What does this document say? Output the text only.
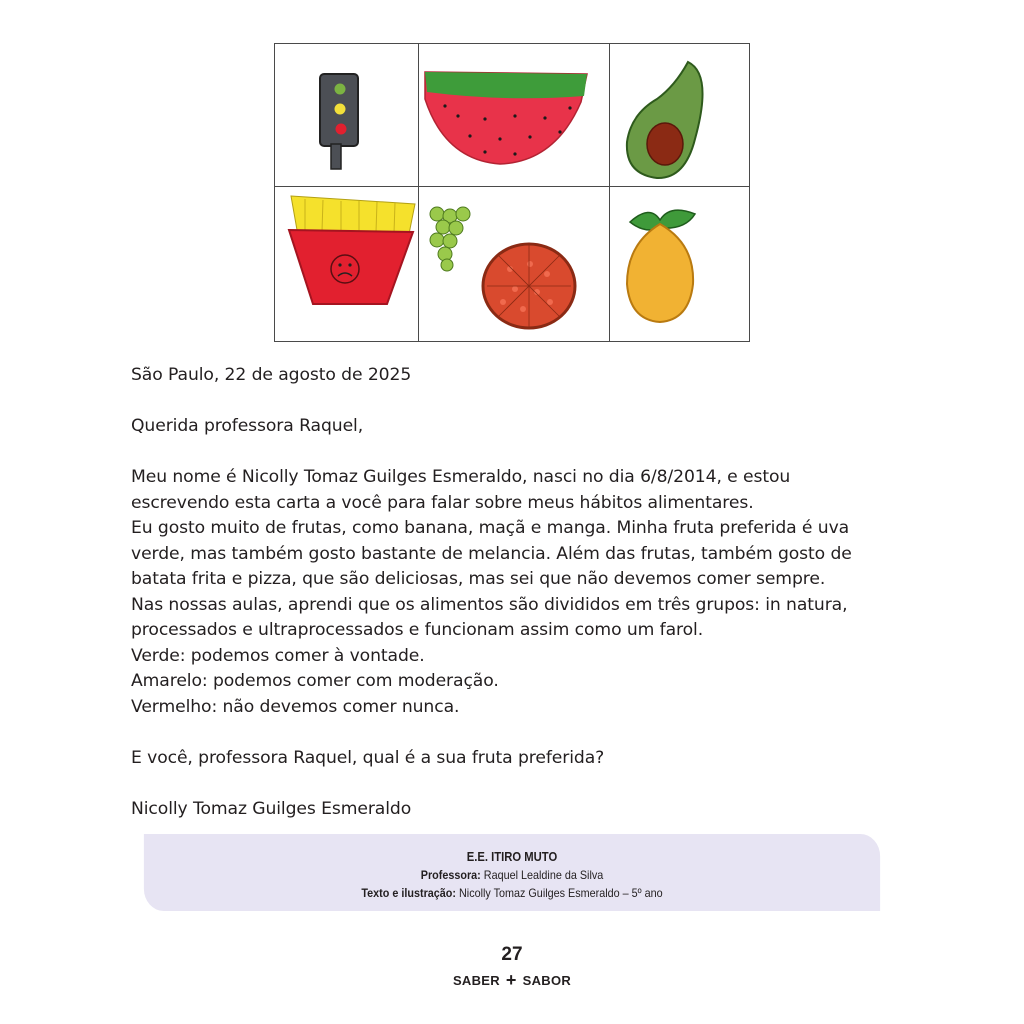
São Paulo, 22 de agosto de 2025

Querida professora Raquel,

Meu nome é Nicolly Tomaz Guilges Esmeraldo, nasci no dia 6/8/2014, e estou

escrevendo esta carta a você para falar sobre meus hábitos alimentares.

Eu gosto muito de frutas, como banana, maçã e manga. Minha fruta preferida é uva

verde, mas também gosto bastante de melancia. Além das frutas, também gosto de

batata frita e pizza, que são deliciosas, mas sei que não devemos comer sempre.

Nas nossas aulas, aprendi que os alimentos são divididos em três grupos: in natura,

processados e ultraprocessados e funcionam assim como um farol.

Verde: podemos comer à vontade.

Amarelo: podemos comer com moderação.

Vermelho: não devemos comer nunca.

E você, professora Raquel, qual é a sua fruta preferida?

Nicolly Tomaz Guilges Esmeraldo

E.E. ITIRO MUTO
Professora: Raquel Lealdine da Silva
Texto e ilustração: Nicolly Tomaz Guilges Esmeraldo – 5º ano
27
SABER + SABOR
